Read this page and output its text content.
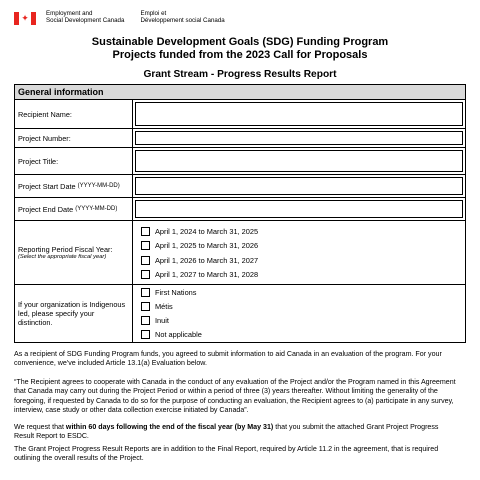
✦	Employment and
Social Development Canada
Emploi et
Développement social Canada
Sustainable Development Goals (SDG) Funding Program
Projects funded from the 2023 Call for Proposals
Grant Stream - Progress Results Report
General information
Recipient Name:
Project Number:
Project Title:
Project Start Date
(YYYY-MM-DD)
Project End Date
(YYYY-MM-DD)
Reporting Period Fiscal Year:
(Select the appropriate fiscal year)
April 1, 2024 to March 31, 2025
April 1, 2025 to March 31, 2026
April 1, 2026 to March 31, 2027
April 1, 2027 to March 31, 2028
If your organization is Indigenous led, please specify your distinction.
First Nations
Métis
Inuit
Not applicable
As a recipient of SDG Funding Program funds, you agreed to submit information to aid Canada in an evaluation of the program. For your convenience, we've included Article 13.1(a) Evaluation below.
“The Recipient agrees to cooperate with Canada in the conduct of any evaluation of the Project and/or the Program named in this Agreement that Canada may carry out during the Project Period or within a period of three (3) years thereafter. Without limiting the generality of the foregoing, if requested by Canada to do so for the purpose of conducting an evaluation, the Recipient agrees to (a) participate in any survey, interview, case study or other data collection exercise initiated by Canada”.
We request that within 60 days following the end of the fiscal year (by May 31) that you submit the attached Grant Project Progress Result Report to ESDC.
The Grant Project Progress Result Reports are in addition to the Final Report, required by Article 11.2 in the agreement, that is required outlining the overall results of the Project.
